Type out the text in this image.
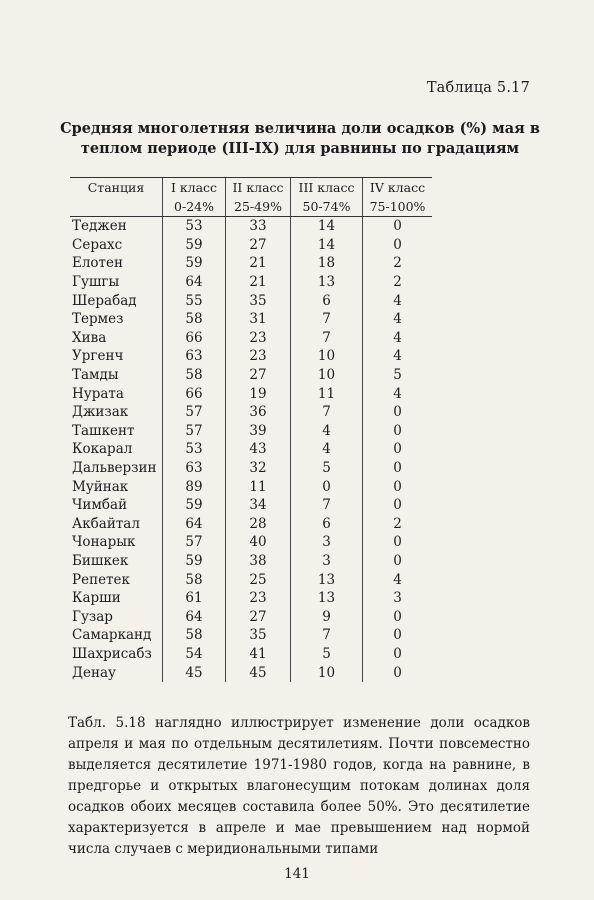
Таблица 5.17
Средняя многолетняя величина доли осадков (%) мая в теплом периоде (III-IX) для равнины по градациям
Станция	I класс	II класс	III класс	IV класс
	0-24%	25-49%	50-74%	75-100%
Теджен	53	33	14	0
Серахс	59	27	14	0
Елотен	59	21	18	2
Гушгы	64	21	13	2
Шерабад	55	35	6	4
Термез	58	31	7	4
Хива	66	23	7	4
Ургенч	63	23	10	4
Тамды	58	27	10	5
Нурата	66	19	11	4
Джизак	57	36	7	0
Ташкент	57	39	4	0
Кокарал	53	43	4	0
Дальверзин	63	32	5	0
Муйнак	89	11	0	0
Чимбай	59	34	7	0
Акбайтал	64	28	6	2
Чонарык	57	40	3	0
Бишкек	59	38	3	0
Репетек	58	25	13	4
Карши	61	23	13	3
Гузар	64	27	9	0
Самарканд	58	35	7	0
Шахрисабз	54	41	5	0
Денау	45	45	10	0

Табл. 5.18 наглядно иллюстрирует изменение доли осадков апреля и мая по отдельным десятилетиям. Почти повсеместно выделяется десятилетие 1971-1980 годов, когда на равнине, в предгорье и открытых влагонесущим потокам долинах доля осадков обоих месяцев составила более 50%. Это десятилетие характеризуется в апреле и мае превышением над нормой числа случаев с меридиональными типами

141
